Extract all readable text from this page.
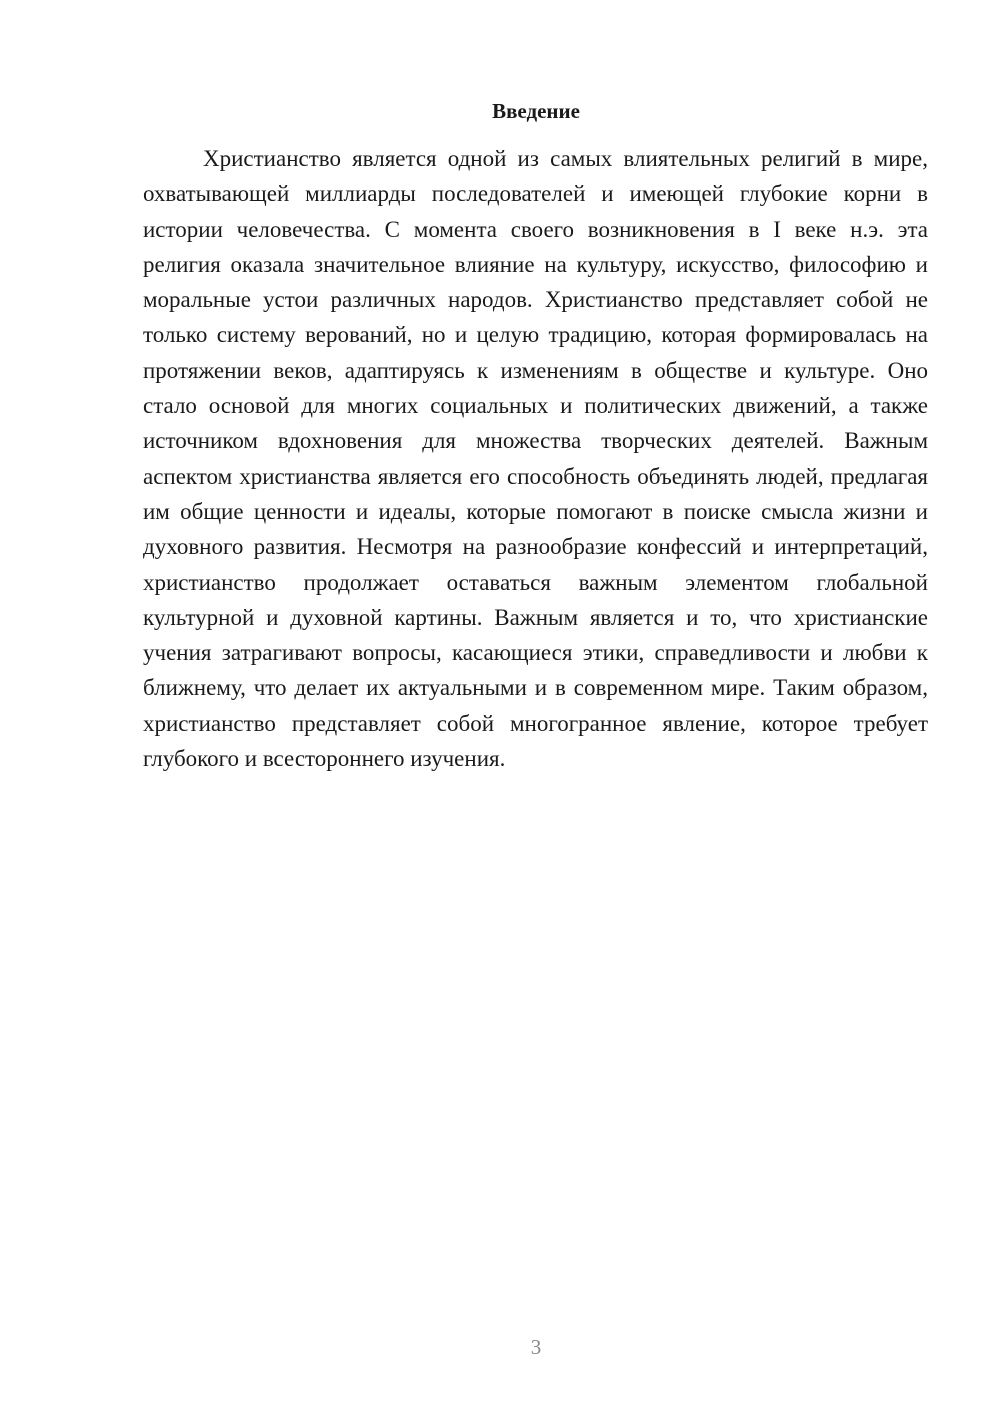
Введение

Христианство является одной из самых влиятельных религий в мире, охватывающей миллиарды последователей и имеющей глубокие корни в истории человечества. С момента своего возникновения в I веке н.э. эта религия оказала значительное влияние на культуру, искусство, философию и моральные устои различных народов. Христианство представляет собой не только систему верований, но и целую традицию, которая формировалась на протяжении веков, адаптируясь к изменениям в обществе и культуре. Оно стало основой для многих социальных и политических движений, а также источником вдохновения для множества творческих деятелей. Важным аспектом христианства является его способность объединять людей, предлагая им общие ценности и идеалы, которые помогают в поиске смысла жизни и духовного развития. Несмотря на разнообразие конфессий и интерпретаций, христианство продолжает оставаться важным элементом глобальной культурной и духовной картины. Важным является и то, что христианские учения затрагивают вопросы, касающиеся этики, справедливости и любви к ближнему, что делает их актуальными и в современном мире. Таким образом, христианство представляет собой многогранное явление, которое требует глубокого и всестороннего изучения.

3
